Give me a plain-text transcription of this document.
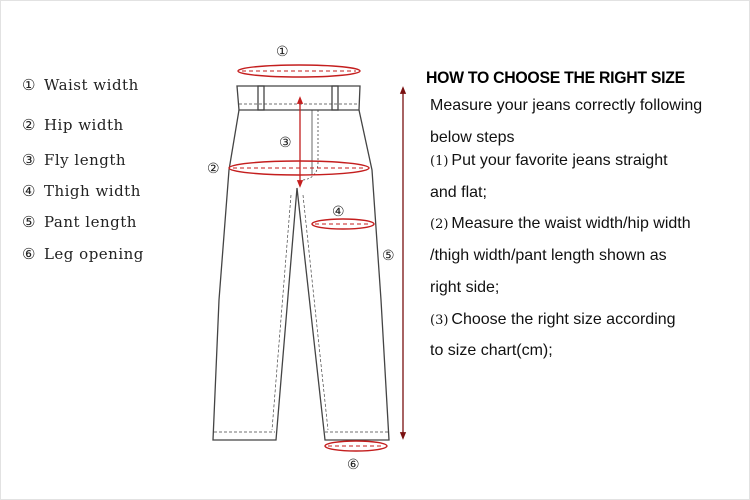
① Waist width
② Hip width
③ Fly length
④ Thigh width
⑤ Pant length
⑥ Leg opening
①
②
③
④
⑤
⑥
HOW TO CHOOSE THE RIGHT SIZE
Measure your jeans correctly following
below steps
(1) Put your favorite jeans straight
and flat;
(2) Measure the waist width/hip width
/thigh width/pant length shown as
right side;
(3) Choose the right size according
to size chart(cm);
